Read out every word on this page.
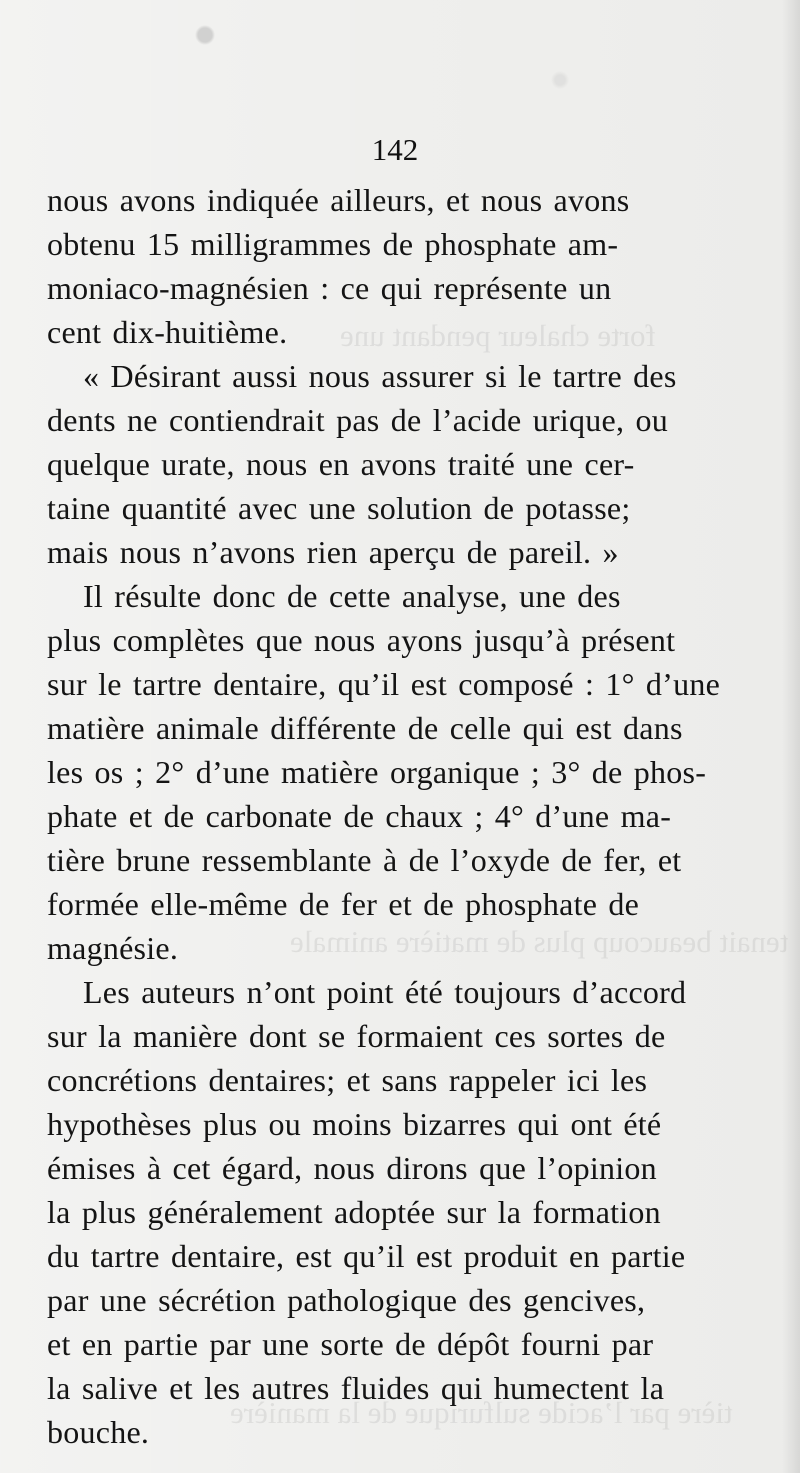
forte chaleur pendant une
tenait beaucoup plus de matière animale
tière par l’acide sulfurique de la manière
142
nous avons indiquée ailleurs, et nous avons
obtenu 15 milligrammes de phosphate am-
moniaco-magnésien : ce qui représente un
cent dix-huitième.
« Désirant aussi nous assurer si le tartre des
dents ne contiendrait pas de l’acide urique, ou
quelque urate, nous en avons traité une cer-
taine quantité avec une solution de potasse;
mais nous n’avons rien aperçu de pareil. »
Il résulte donc de cette analyse, une des
plus complètes que nous ayons jusqu’à présent
sur le tartre dentaire, qu’il est composé : 1° d’une
matière animale différente de celle qui est dans
les os ; 2° d’une matière organique ; 3° de phos-
phate et de carbonate de chaux ; 4° d’une ma-
tière brune ressemblante à de l’oxyde de fer, et
formée elle-même de fer et de phosphate de
magnésie.
Les auteurs n’ont point été toujours d’accord
sur la manière dont se formaient ces sortes de
concrétions dentaires; et sans rappeler ici les
hypothèses plus ou moins bizarres qui ont été
émises à cet égard, nous dirons que l’opinion
la plus généralement adoptée sur la formation
du tartre dentaire, est qu’il est produit en partie
par une sécrétion pathologique des gencives,
et en partie par une sorte de dépôt fourni par
la salive et les autres fluides qui humectent la
bouche.
